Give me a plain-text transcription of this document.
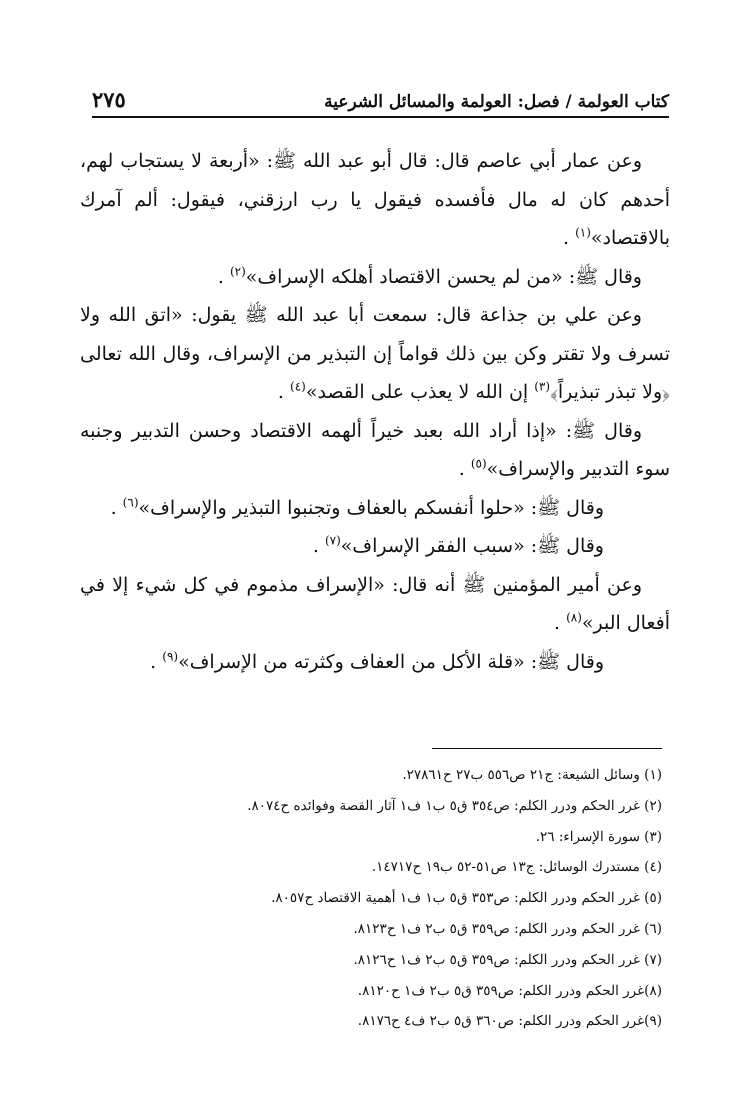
كتاب العولمة / فصل: العولمة والمسائل الشرعية
٢٧٥

وعن عمار أبي عاصم قال: قال أبو عبد الله ﷺ: «أربعة لا يستجاب لهم، أحدهم كان له مال فأفسده فيقول يا رب ارزقني، فيقول: ألم آمرك بالاقتصاد»$^{(١)}$ .

وقال ﷺ: «من لم يحسن الاقتصاد أهلكه الإسراف»$^{(٢)}$ .

وعن علي بن جذاعة قال: سمعت أبا عبد الله ﷺ يقول: «اتق الله ولا تسرف ولا تقتر وكن بين ذلك قواماً إن التبذير من الإسراف، وقال الله تعالى ﴿ولا تبذر تبذيراً﴾$^{(٣)}$ إن الله لا يعذب على القصد»$^{(٤)}$ .

وقال ﷺ: «إذا أراد الله بعبد خيراً ألهمه الاقتصاد وحسن التدبير وجنبه سوء التدبير والإسراف»$^{(٥)}$ .

وقال ﷺ: «حلوا أنفسكم بالعفاف وتجنبوا التبذير والإسراف»$^{(٦)}$ .

وقال ﷺ: «سبب الفقر الإسراف»$^{(٧)}$ .

وعن أمير المؤمنين ﷺ أنه قال: «الإسراف مذموم في كل شيء إلا في أفعال البر»$^{(٨)}$ .

وقال ﷺ: «قلة الأكل من العفاف وكثرته من الإسراف»$^{(٩)}$ .

(١) وسائل الشيعة: ج٢١ ص٥٥٦ ب٢٧ ح٢٧٨٦١.

(٢) غرر الحكم ودرر الكلم: ص٣٥٤ ق٥ ب١ ف١ آثار القصة وفوائده ح٨٠٧٤.

(٣) سورة الإسراء: ٢٦.

(٤) مستدرك الوسائل: ج١٣ ص٥١-٥٢ ب١٩ ح١٤٧١٧.

(٥) غرر الحكم ودرر الكلم: ص٣٥٣ ق٥ ب١ ف١ أهمية الاقتصاد ح٨٠٥٧.

(٦) غرر الحكم ودرر الكلم: ص٣٥٩ ق٥ ب٢ ف١ ح٨١٢٣.

(٧) غرر الحكم ودرر الكلم: ص٣٥٩ ق٥ ب٢ ف١ ح٨١٢٦.

(٨)غرر الحكم ودرر الكلم: ص٣٥٩ ق٥ ب٢ ف١ ح٨١٢٠.

(٩)غرر الحكم ودرر الكلم: ص٣٦٠ ق٥ ب٢ ف٤ ح٨١٧٦.
